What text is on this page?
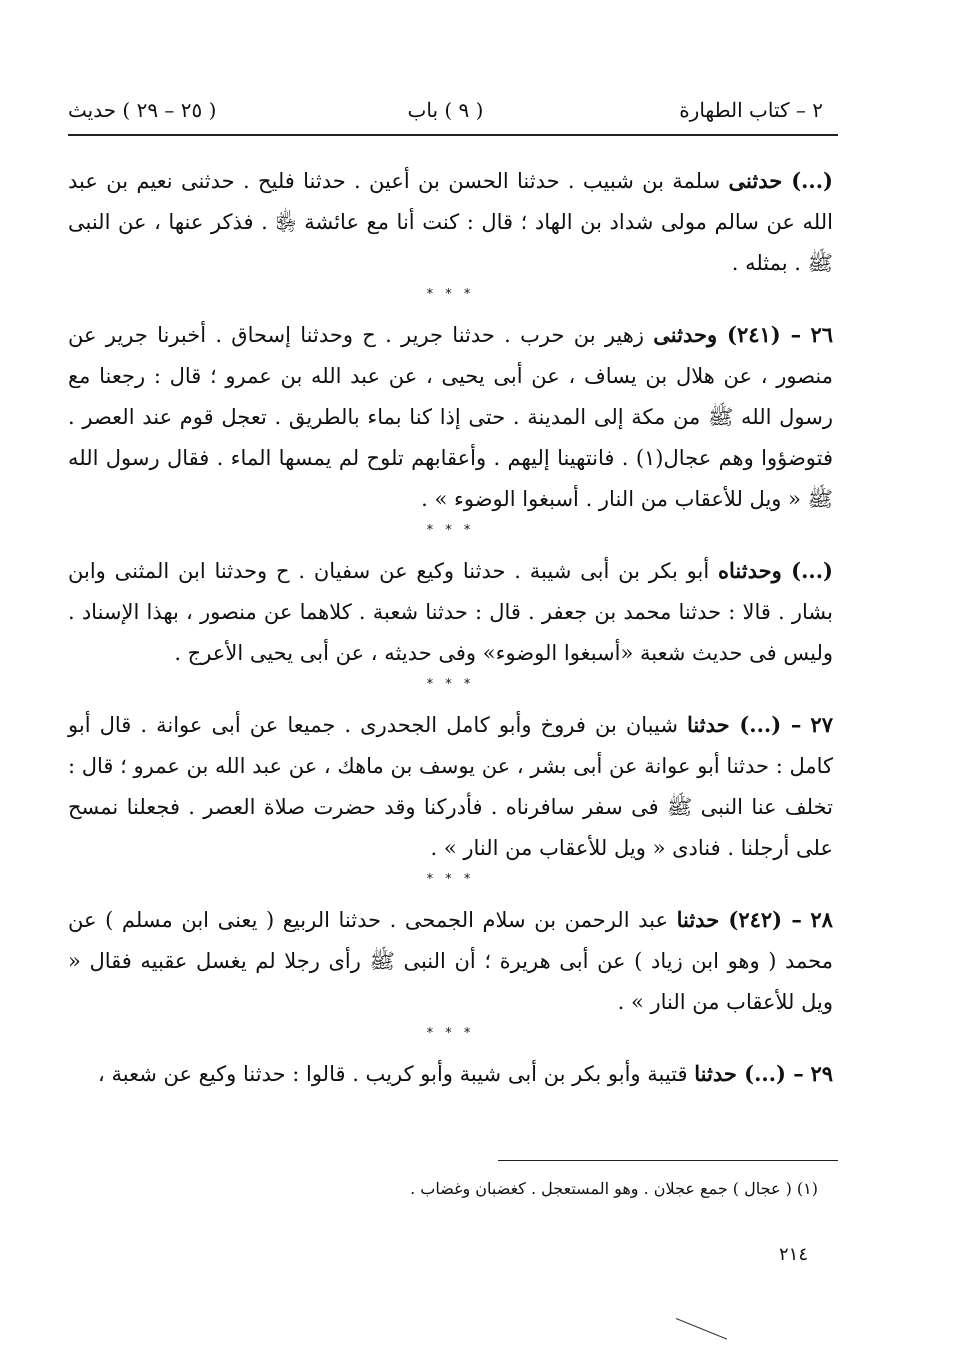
٢ – كتاب الطهارة
( ٩ ) باب
( ٢٥ – ٢٩ ) حديث

(...) حدثنى سلمة بن شبيب . حدثنا الحسن بن أعين . حدثنا فليح . حدثنى نعيم بن عبد الله عن سالم مولى شداد بن الهاد ؛ قال : كنت أنا مع عائشة ﵂ . فذكر عنها ، عن النبى ﷺ . بمثله .

* * *

٢٦ – (٢٤١) وحدثنى زهير بن حرب . حدثنا جرير . ح وحدثنا إسحاق . أخبرنا جرير عن منصور ، عن هلال بن يساف ، عن أبى يحيى ، عن عبد الله بن عمرو ؛ قال : رجعنا مع رسول الله ﷺ من مكة إلى المدينة . حتى إذا كنا بماء بالطريق . تعجل قوم عند العصر . فتوضؤوا وهم عجال(١) . فانتهينا إليهم . وأعقابهم تلوح لم يمسها الماء . فقال رسول الله ﷺ « ويل للأعقاب من النار . أسبغوا الوضوء » .

* * *

(...) وحدثناه أبو بكر بن أبى شيبة . حدثنا وكيع عن سفيان . ح وحدثنا ابن المثنى وابن بشار . قالا : حدثنا محمد بن جعفر . قال : حدثنا شعبة . كلاهما عن منصور ، بهذا الإسناد . وليس فى حديث شعبة «أسبغوا الوضوء» وفى حديثه ، عن أبى يحيى الأعرج .

* * *

٢٧ – (...) حدثنا شيبان بن فروخ وأبو كامل الجحدرى . جميعا عن أبى عوانة . قال أبو كامل : حدثنا أبو عوانة عن أبى بشر ، عن يوسف بن ماهك ، عن عبد الله بن عمرو ؛ قال : تخلف عنا النبى ﷺ فى سفر سافرناه . فأدركنا وقد حضرت صلاة العصر . فجعلنا نمسح على أرجلنا . فنادى « ويل للأعقاب من النار » .

* * *

٢٨ – (٢٤٢) حدثنا عبد الرحمن بن سلام الجمحى . حدثنا الربيع ( يعنى ابن مسلم ) عن محمد ( وهو ابن زياد ) عن أبى هريرة ؛ أن النبى ﷺ رأى رجلا لم يغسل عقبيه فقال « ويل للأعقاب من النار » .

* * *

٢٩ – (...) حدثنا قتيبة وأبو بكر بن أبى شيبة وأبو كريب . قالوا : حدثنا وكيع عن شعبة ،

(١) ( عجال ) جمع عجلان . وهو المستعجل . كغضبان وغضاب .
٢١٤
